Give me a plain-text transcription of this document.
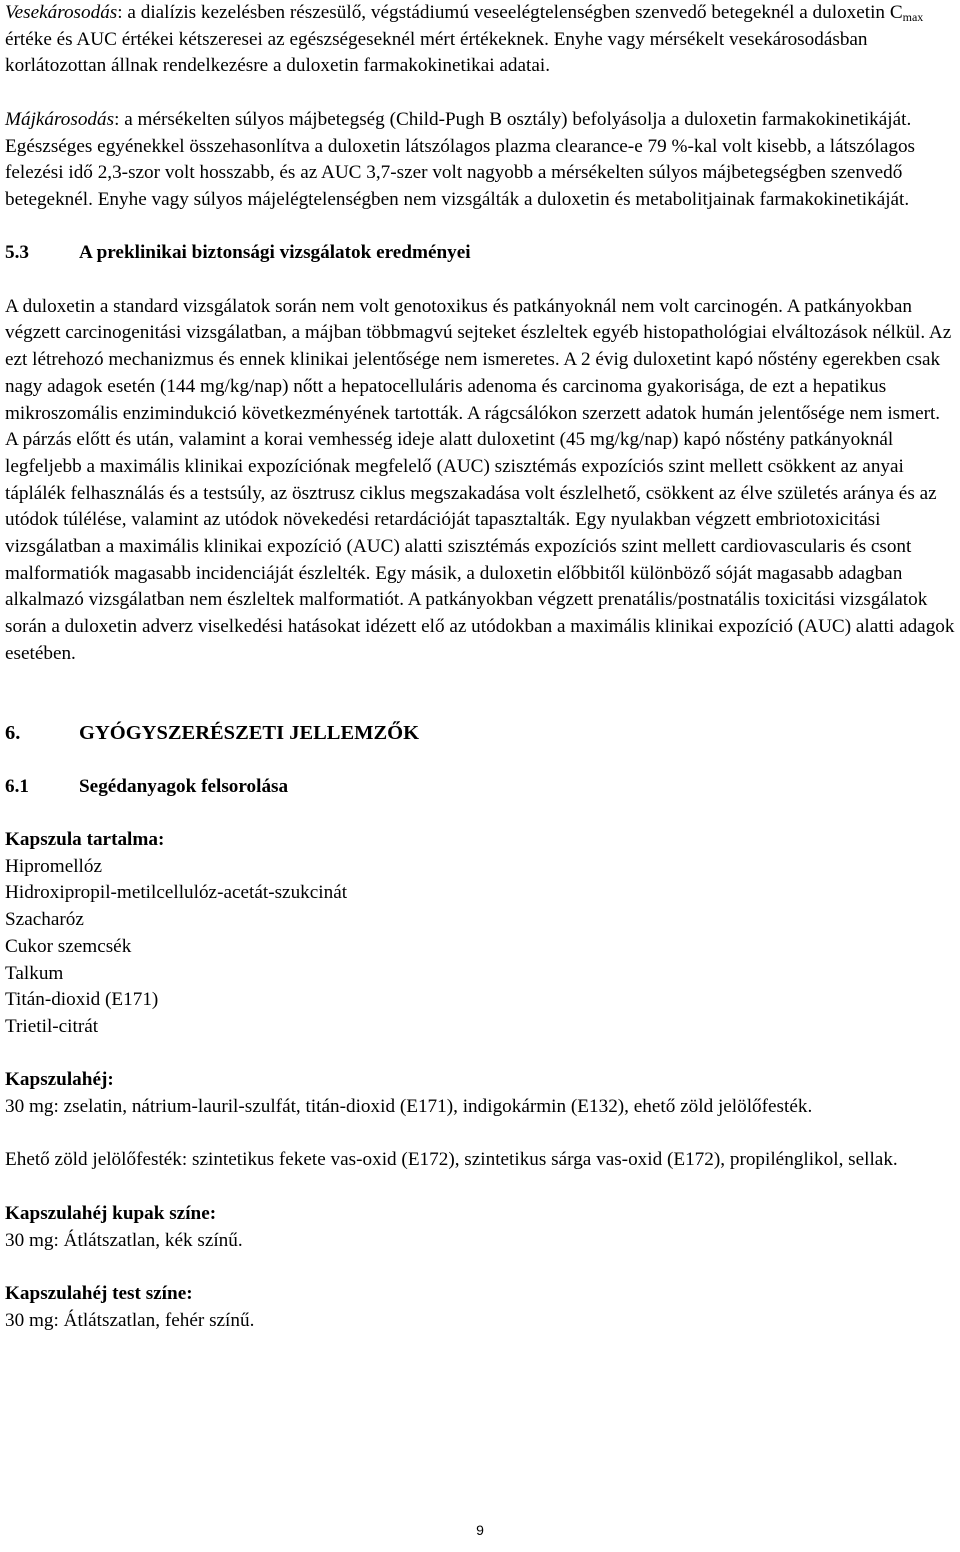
Vesekárosodás: a dialízis kezelésben részesülő, végstádiumú veseelégtelenségben szenvedő betegeknél a duloxetin $C_{max}$ értéke és AUC értékei kétszeresei az egészségeseknél mért értékeknek. Enyhe vagy mérsékelt vesekárosodásban korlátozottan állnak rendelkezésre a duloxetin farmakokinetikai adatai.

Májkárosodás: a mérsékelten súlyos májbetegség (Child-Pugh B osztály) befolyásolja a duloxetin farmakokinetikáját. Egészséges egyénekkel összehasonlítva a duloxetin látszólagos plazma clearance-e 79 %-kal volt kisebb, a látszólagos felezési idő 2,3-szor volt hosszabb, és az AUC 3,7-szer volt nagyobb a mérsékelten súlyos májbetegségben szenvedő betegeknél. Enyhe vagy súlyos májelégtelenségben nem vizsgálták a duloxetin és metabolitjainak farmakokinetikáját.

5.3	A preklinikai biztonsági vizsgálatok eredményei

A duloxetin a standard vizsgálatok során nem volt genotoxikus és patkányoknál nem volt carcinogén. A patkányokban végzett carcinogenitási vizsgálatban, a májban többmagvú sejteket észleltek egyéb histopathológiai elváltozások nélkül. Az ezt létrehozó mechanizmus és ennek klinikai jelentősége nem ismeretes. A 2 évig duloxetint kapó nőstény egerekben csak nagy adagok esetén (144 mg/kg/nap) nőtt a hepatocelluláris adenoma és carcinoma gyakorisága, de ezt a hepatikus mikroszomális enzimindukció következményének tartották. A rágcsálókon szerzett adatok humán jelentősége nem ismert. A párzás előtt és után, valamint a korai vemhesség ideje alatt duloxetint (45 mg/kg/nap) kapó nőstény patkányoknál legfeljebb a maximális klinikai expozíciónak megfelelő (AUC) szisztémás expozíciós szint mellett csökkent az anyai táplálék felhasználás és a testsúly, az ösztrusz ciklus megszakadása volt észlelhető, csökkent az élve születés aránya és az utódok túlélése, valamint az utódok növekedési retardációját tapasztalták. Egy nyulakban végzett embriotoxicitási vizsgálatban a maximális klinikai expozíció (AUC) alatti szisztémás expozíciós szint mellett cardiovascularis és csont malformatiók magasabb incidenciáját észlelték. Egy másik, a duloxetin előbbitől különböző sóját magasabb adagban alkalmazó vizsgálatban nem észleltek malformatiót. A patkányokban végzett prenatális/postnatális toxicitási vizsgálatok során a duloxetin adverz viselkedési hatásokat idézett elő az utódokban a maximális klinikai expozíció (AUC) alatti adagok esetében.

6.	GYÓGYSZERÉSZETI JELLEMZŐK
6.1	Segédanyagok felsorolása
Kapszula tartalma:
Hipromellóz
Hidroxipropil-metilcellulóz-acetát-szukcinát
Szacharóz
Cukor szemcsék
Talkum
Titán-dioxid (E171)
Trietil-citrát
Kapszulahéj:
30 mg: zselatin, nátrium-lauril-szulfát, titán-dioxid (E171), indigokármin (E132), ehető zöld jelölőfesték.

Ehető zöld jelölőfesték: szintetikus fekete vas-oxid (E172), szintetikus sárga vas-oxid (E172), propilénglikol, sellak.

Kapszulahéj kupak színe:
30 mg: Átlátszatlan, kék színű.
Kapszulahéj test színe:
30 mg: Átlátszatlan, fehér színű.
9
